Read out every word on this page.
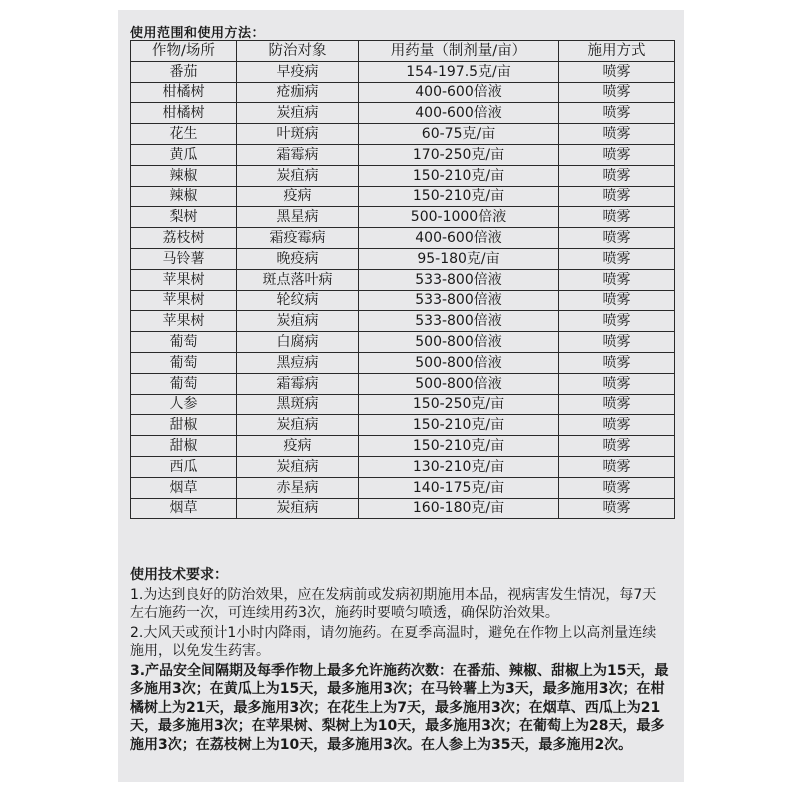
使用范围和使用方法：
作物/场所	防治对象	用药量（制剂量/亩）	施用方式
番茄	早疫病	154-197.5克/亩	喷雾
柑橘树	疮痂病	400-600倍液	喷雾
柑橘树	炭疽病	400-600倍液	喷雾
花生	叶斑病	60-75克/亩	喷雾
黄瓜	霜霉病	170-250克/亩	喷雾
辣椒	炭疽病	150-210克/亩	喷雾
辣椒	疫病	150-210克/亩	喷雾
梨树	黑星病	500-1000倍液	喷雾
荔枝树	霜疫霉病	400-600倍液	喷雾
马铃薯	晚疫病	95-180克/亩	喷雾
苹果树	斑点落叶病	533-800倍液	喷雾
苹果树	轮纹病	533-800倍液	喷雾
苹果树	炭疽病	533-800倍液	喷雾
葡萄	白腐病	500-800倍液	喷雾
葡萄	黑痘病	500-800倍液	喷雾
葡萄	霜霉病	500-800倍液	喷雾
人参	黑斑病	150-250克/亩	喷雾
甜椒	炭疽病	150-210克/亩	喷雾
甜椒	疫病	150-210克/亩	喷雾
西瓜	炭疽病	130-210克/亩	喷雾
烟草	赤星病	140-175克/亩	喷雾
烟草	炭疽病	160-180克/亩	喷雾

使用技术要求：

1.为达到良好的防治效果，应在发病前或发病初期施用本品，视病害发生情况，每7天左右施药一次，可连续用药3次，施药时要喷匀喷透，确保防治效果。

2.大风天或预计1小时内降雨，请勿施药。在夏季高温时，避免在作物上以高剂量连续施用，以免发生药害。

3.产品安全间隔期及每季作物上最多允许施药次数：在番茄、辣椒、甜椒上为15天，最多施用3次；在黄瓜上为15天，最多施用3次；在马铃薯上为3天，最多施用3次；在柑橘树上为21天，最多施用3次；在花生上为7天，最多施用3次；在烟草、西瓜上为21天，最多施用3次；在苹果树、梨树上为10天，最多施用3次；在葡萄上为28天，最多施用3次；在荔枝树上为10天，最多施用3次。在人参上为35天，最多施用2次。
